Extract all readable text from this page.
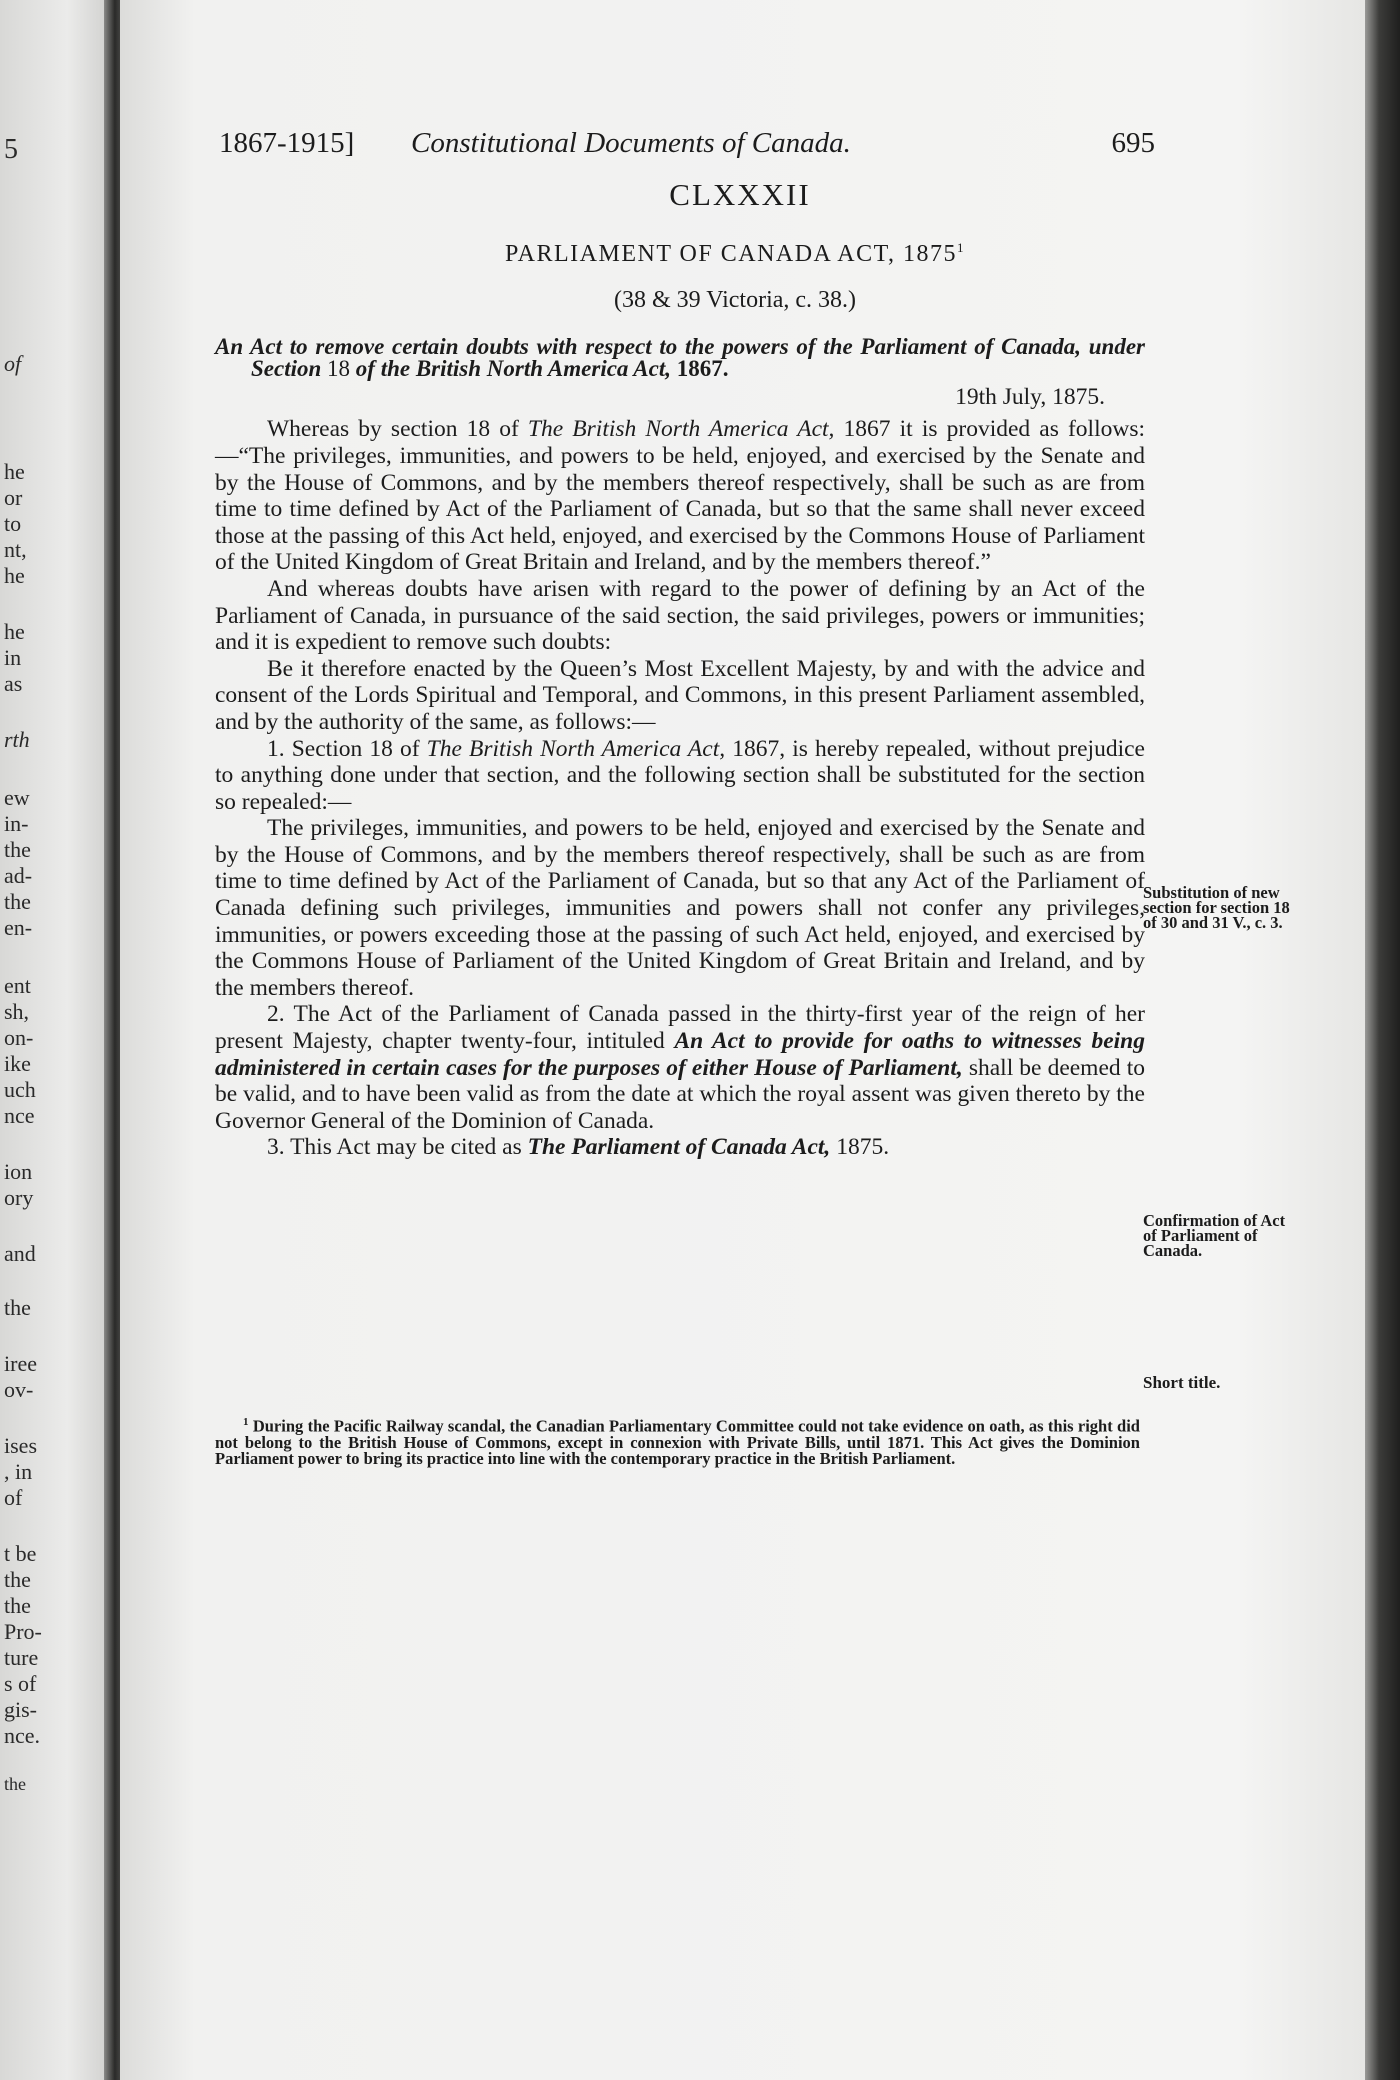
5
of
he
or
to
nt,
he
he
in
as
rth
ew
in-
the
ad-
the
en-
ent
sh,
on-
ike
uch
nce
ion
ory
and
the
iree
ov-
ises
, in
of
t be
the
the
Pro-
ture
s of
gis-
nce.
the
1867-1915] Constitutional Documents of Canada.	695
CLXXXII
PARLIAMENT OF CANADA ACT, 1875$^1$
(38 & 39 Victoria, c. 38.)
An Act to remove certain doubts with respect to the powers of the Parliament of Canada, under Section 18 of the British North America Act, 1867.
19th July, 1875.

Whereas by section 18 of The British North America Act, 1867 it is provided as follows:—“The privileges, immunities, and powers to be held, enjoyed, and exercised by the Senate and by the House of Commons, and by the members thereof respectively, shall be such as are from time to time defined by Act of the Parliament of Canada, but so that the same shall never exceed those at the passing of this Act held, enjoyed, and exercised by the Commons House of Parliament of the United Kingdom of Great Britain and Ireland, and by the members thereof.”

And whereas doubts have arisen with regard to the power of defining by an Act of the Parliament of Canada, in pursuance of the said section, the said privileges, powers or immunities; and it is expedient to remove such doubts:

Be it therefore enacted by the Queen’s Most Excellent Majesty, by and with the advice and consent of the Lords Spiritual and Temporal, and Commons, in this present Parliament assembled, and by the authority of the same, as follows:—

1. Section 18 of The British North America Act, 1867, is hereby repealed, without prejudice to anything done under that section, and the following section shall be substituted for the section so repealed:—

The privileges, immunities, and powers to be held, enjoyed and exercised by the Senate and by the House of Commons, and by the members thereof respectively, shall be such as are from time to time defined by Act of the Parliament of Canada, but so that any Act of the Parliament of Canada defining such privileges, immunities and powers shall not confer any privileges, immunities, or powers exceeding those at the passing of such Act held, enjoyed, and exercised by the Commons House of Parliament of the United Kingdom of Great Britain and Ireland, and by the members thereof.

2. The Act of the Parliament of Canada passed in the thirty-first year of the reign of her present Majesty, chapter twenty-four, intituled An Act to provide for oaths to witnesses being administered in certain cases for the purposes of either House of Parliament, shall be deemed to be valid, and to have been valid as from the date at which the royal assent was given thereto by the Governor General of the Dominion of Canada.

3. This Act may be cited as The Parliament of Canada Act, 1875.

Substitution of new section for section 18 of 30 and 31 V., c. 3.
Confirmation of Act of Parliament of Canada.
Short title.
$^1$ During the Pacific Railway scandal, the Canadian Parliamentary Committee could not take evidence on oath, as this right did not belong to the British House of Commons, except in connexion with Private Bills, until 1871. This Act gives the Dominion Parliament power to bring its practice into line with the contemporary practice in the British Parliament.
